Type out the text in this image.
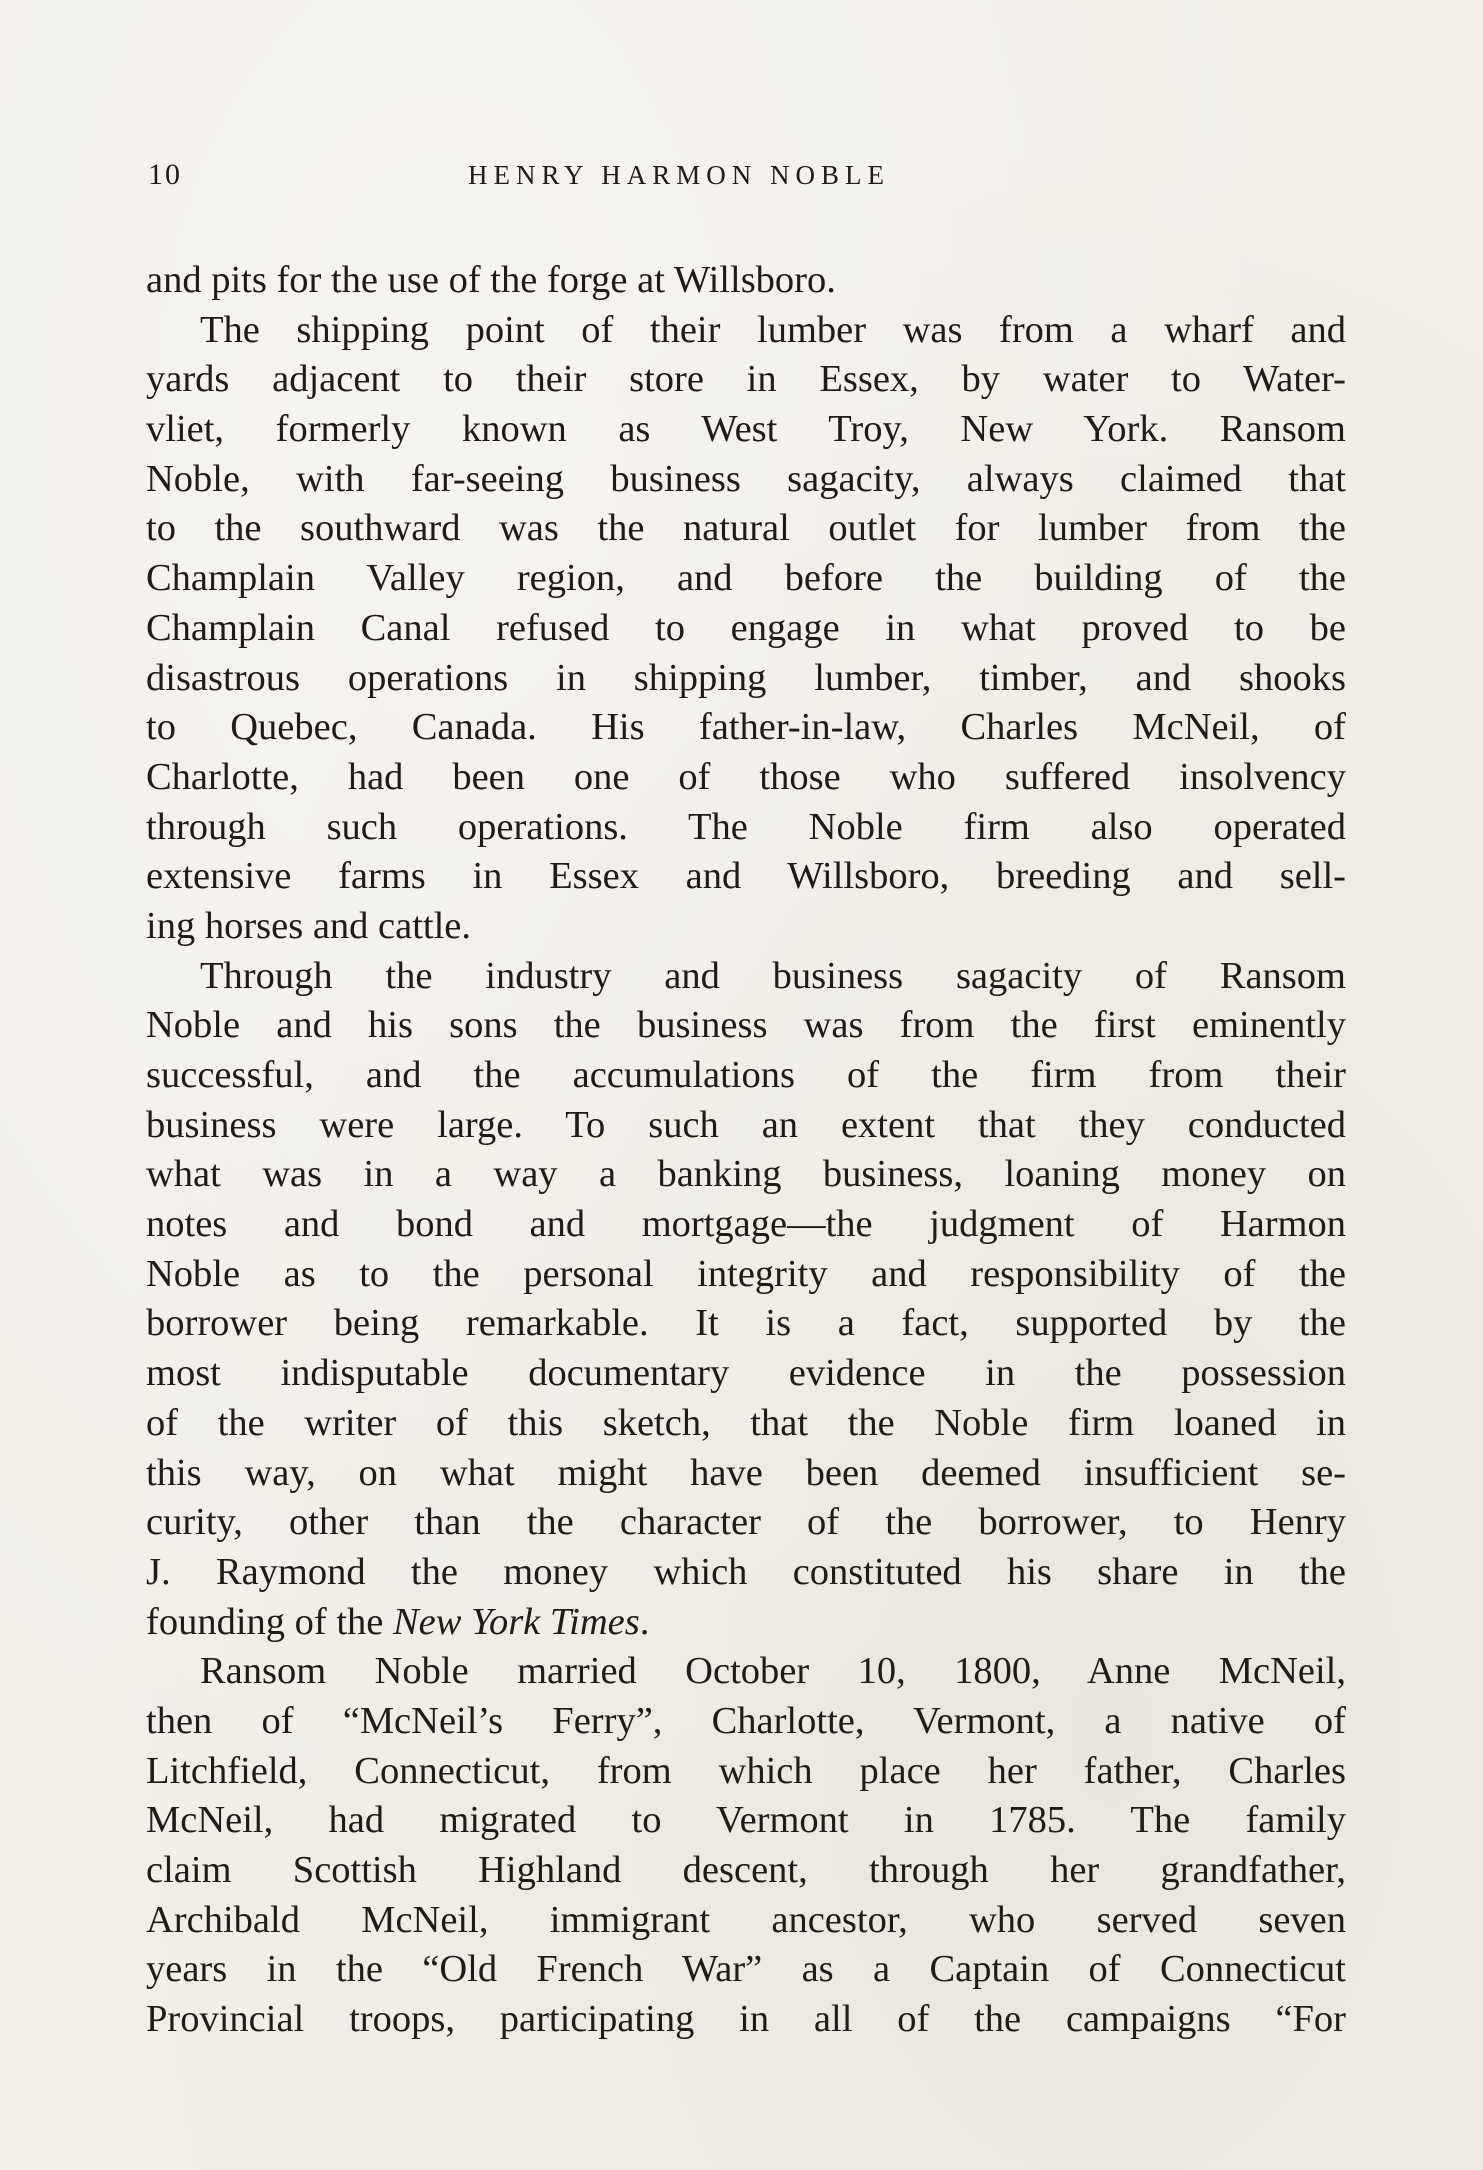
10	HENRY HARMON NOBLE
and pits for the use of the forge at Willsboro.
The shipping point of their lumber was from a wharf and
yards adjacent to their store in Essex, by water to Water-
vliet, formerly known as West Troy, New York. Ransom
Noble, with far-seeing business sagacity, always claimed that
to the southward was the natural outlet for lumber from the
Champlain Valley region, and before the building of the
Champlain Canal refused to engage in what proved to be
disastrous operations in shipping lumber, timber, and shooks
to Quebec, Canada. His father-in-law, Charles McNeil, of
Charlotte, had been one of those who suffered insolvency
through such operations. The Noble firm also operated
extensive farms in Essex and Willsboro, breeding and sell-
ing horses and cattle.
Through the industry and business sagacity of Ransom
Noble and his sons the business was from the first eminently
successful, and the accumulations of the firm from their
business were large. To such an extent that they conducted
what was in a way a banking business, loaning money on
notes and bond and mortgage—the judgment of Harmon
Noble as to the personal integrity and responsibility of the
borrower being remarkable. It is a fact, supported by the
most indisputable documentary evidence in the possession
of the writer of this sketch, that the Noble firm loaned in
this way, on what might have been deemed insufficient se-
curity, other than the character of the borrower, to Henry
J. Raymond the money which constituted his share in the
founding of the New York Times.
Ransom Noble married October 10, 1800, Anne McNeil,
then of “McNeil’s Ferry”, Charlotte, Vermont, a native of
Litchfield, Connecticut, from which place her father, Charles
McNeil, had migrated to Vermont in 1785. The family
claim Scottish Highland descent, through her grandfather,
Archibald McNeil, immigrant ancestor, who served seven
years in the “Old French War” as a Captain of Connecticut
Provincial troops, participating in all of the campaigns “For
